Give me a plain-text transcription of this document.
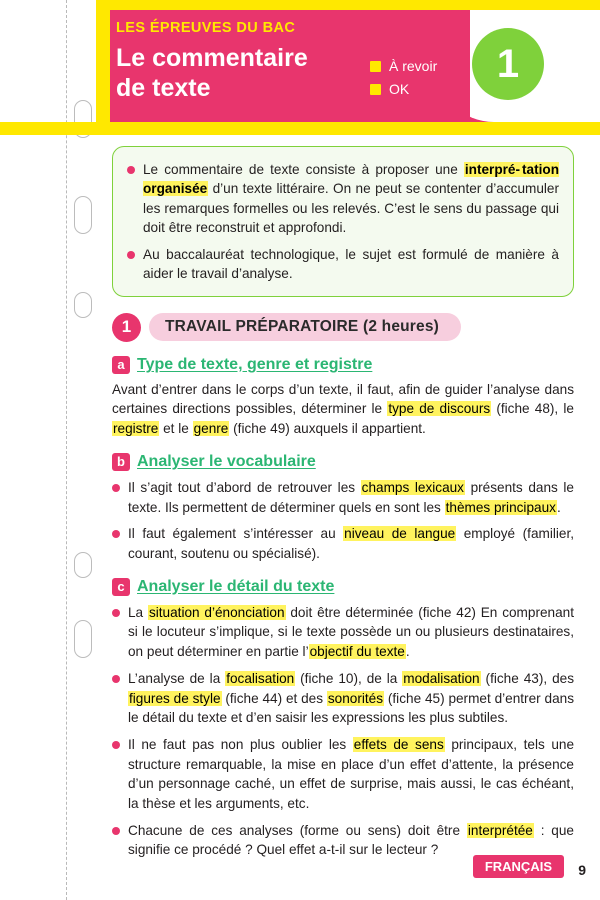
LES ÉPREUVES DU BAC
Le commentaire
de texte
À revoir
OK
1

Le commentaire de texte consiste à proposer une interpré- tation organisée d’un texte littéraire. On ne peut se contenter d’accumuler les remarques formelles ou les relevés. C’est le sens du passage qui doit être reconstruit et approfondi.

Au baccalauréat technologique, le sujet est formulé de manière à aider le travail d’analyse.

1	TRAVAIL PRÉPARATOIRE (2 heures)
a Type de texte, genre et registre

Avant d’entrer dans le corps d’un texte, il faut, afin de guider l’analyse dans certaines directions possibles, déterminer le type de discours (fiche 48), le registre et le genre (fiche 49) auxquels il appartient.

b Analyser le vocabulaire

Il s’agit tout d’abord de retrouver les champs lexicaux présents dans le texte. Ils permettent de déterminer quels en sont les thèmes principaux.

Il faut également s’intéresser au niveau de langue employé (familier, courant, soutenu ou spécialisé).

c Analyser le détail du texte

La situation d’énonciation doit être déterminée (fiche 42) En comprenant si le locuteur s’implique, si le texte possède un ou plusieurs destinataires, on peut déterminer en partie l’objectif du texte.

L’analyse de la focalisation (fiche 10), de la modalisation (fiche 43), des figures de style (fiche 44) et des sonorités (fiche 45) permet d’entrer dans le détail du texte et d’en saisir les expressions les plus subtiles.

Il ne faut pas non plus oublier les effets de sens principaux, tels une structure remarquable, la mise en place d’un effet d’attente, la présence d’un personnage caché, un effet de surprise, mais aussi, le cas échéant, la thèse et les arguments, etc.

Chacune de ces analyses (forme ou sens) doit être interprétée : que signifie ce procédé ? Quel effet a-t-il sur le lecteur ?

FRANÇAIS	9
